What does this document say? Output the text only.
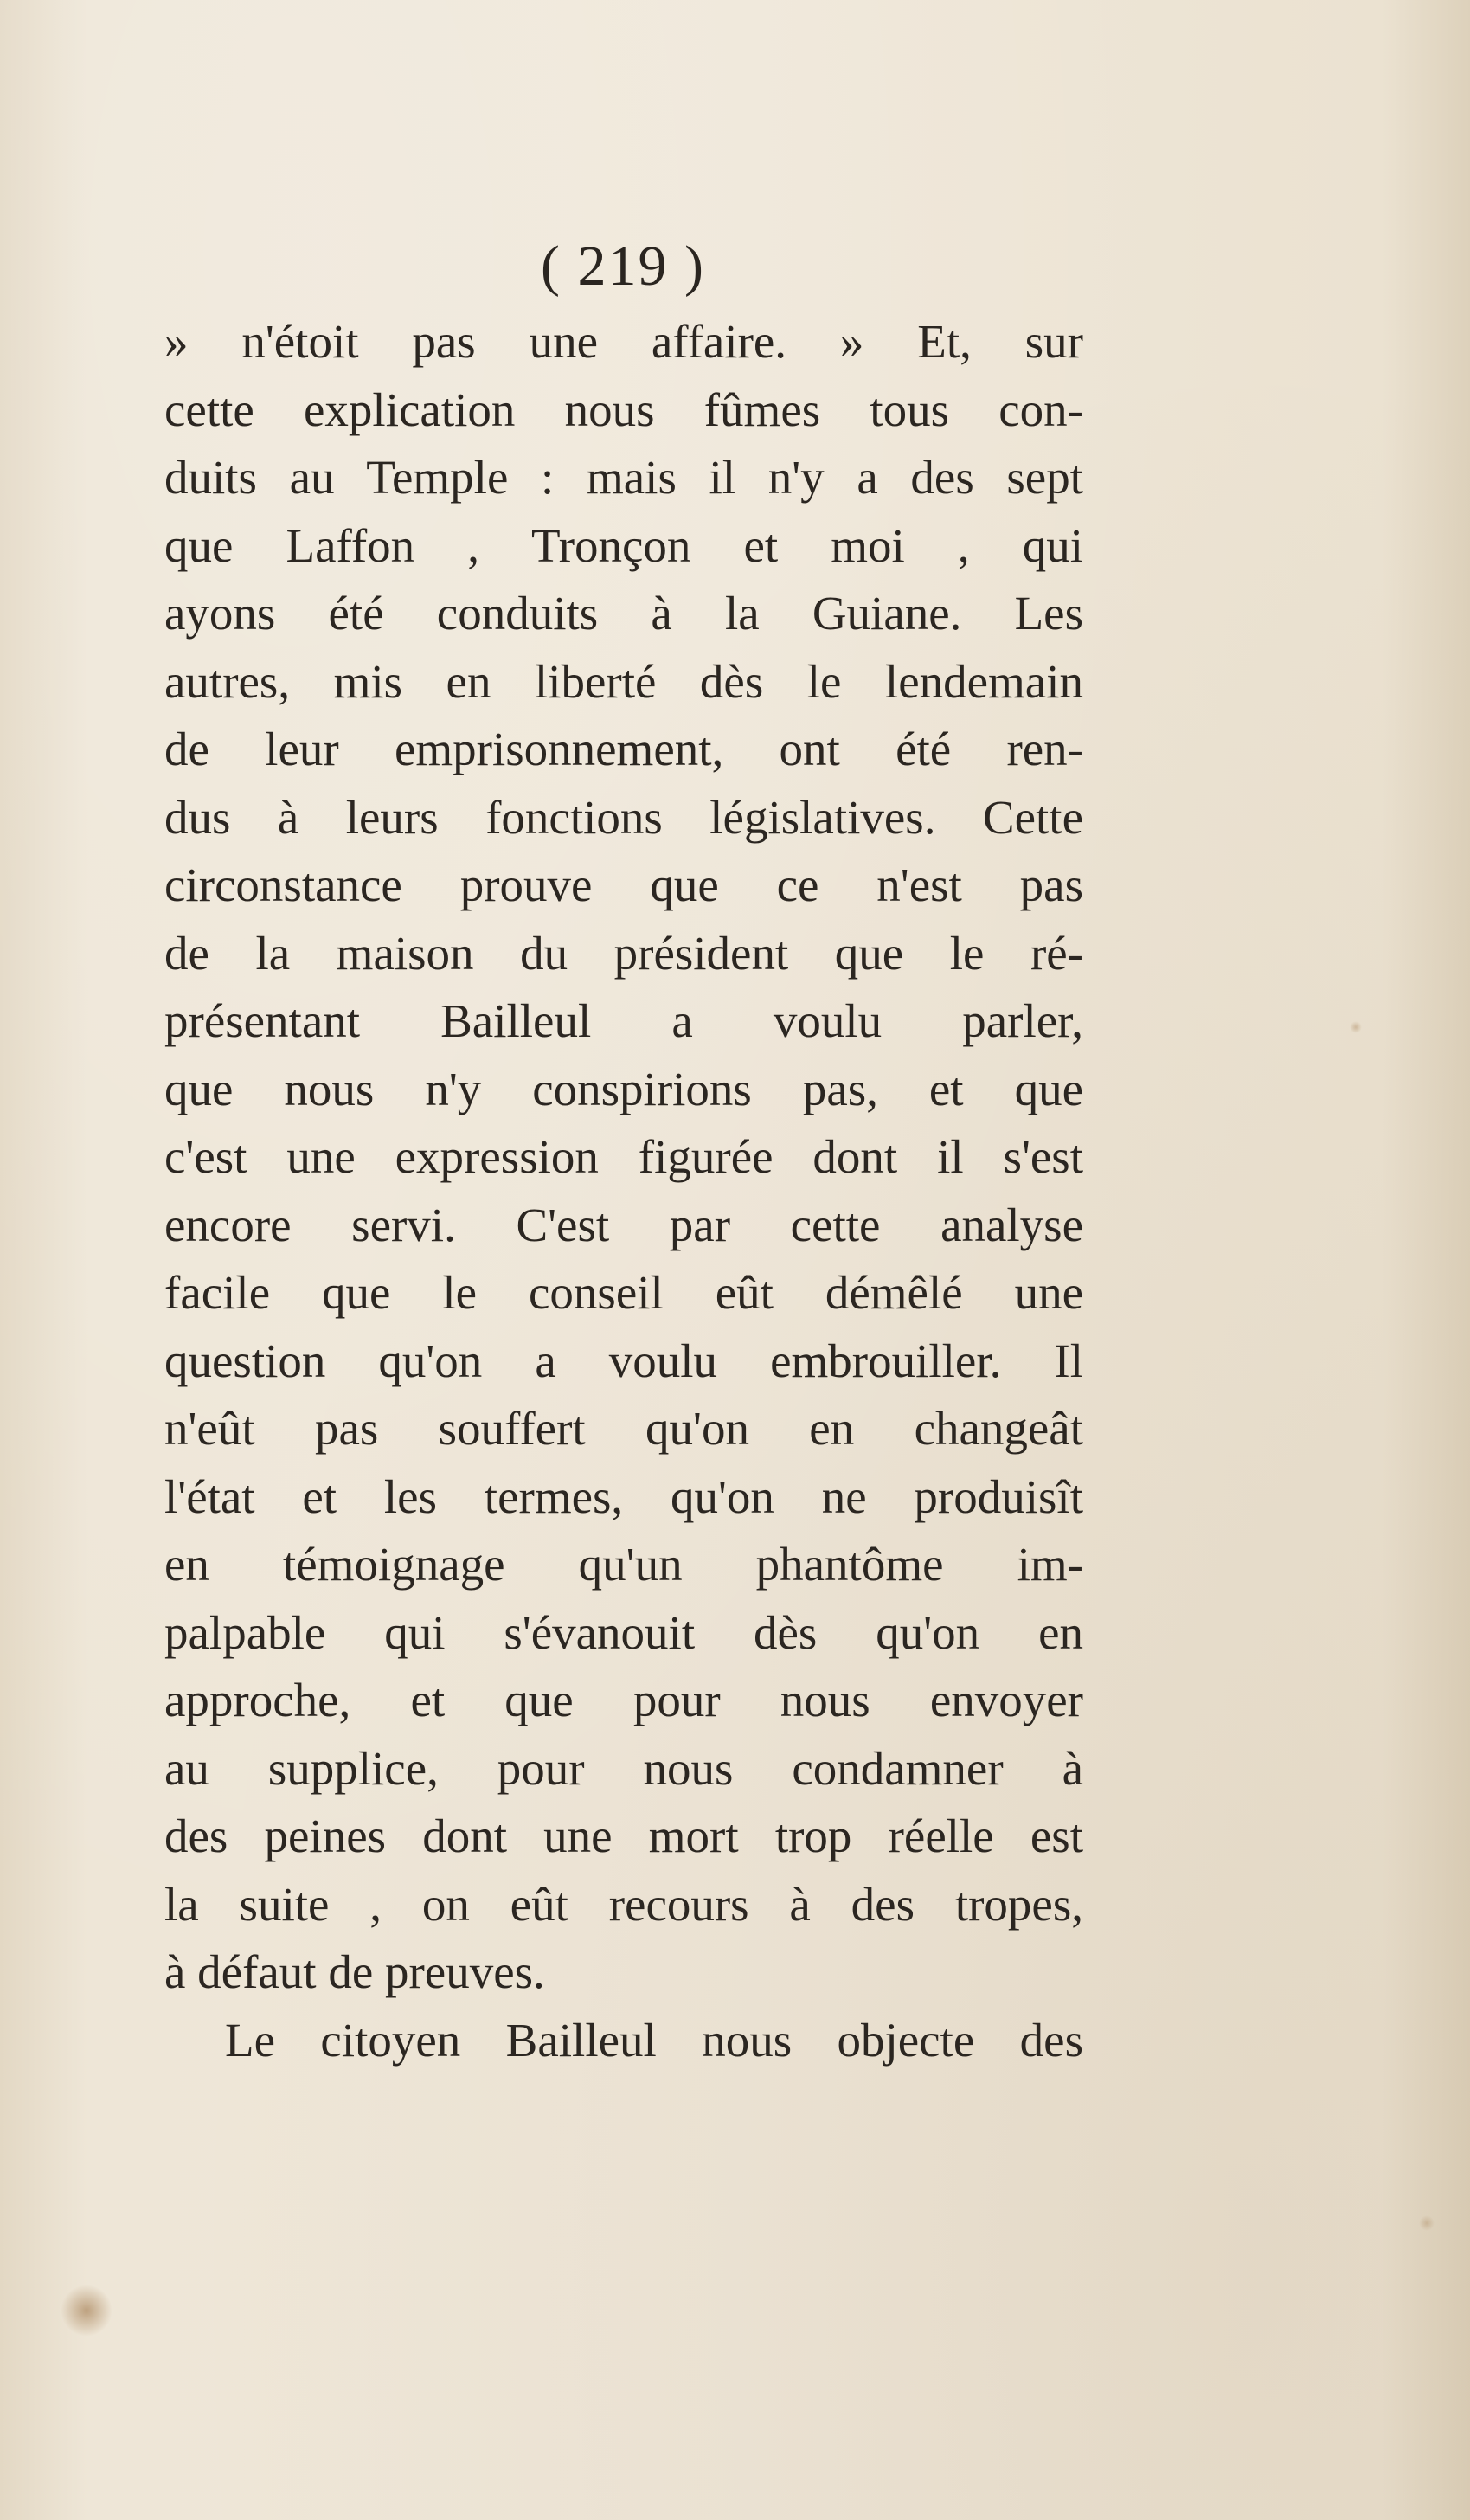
( 219 )
» n'étoit pas une affaire. » Et, sur
cette explication nous fûmes tous con-
duits au Temple : mais il n'y a des sept
que Laffon , Tronçon et moi , qui
ayons été conduits à la Guiane. Les
autres, mis en liberté dès le lendemain
de leur emprisonnement, ont été ren-
dus à leurs fonctions législatives. Cette
circonstance prouve que ce n'est pas
de la maison du président que le ré-
présentant Bailleul a voulu parler,
que nous n'y conspirions pas, et que
c'est une expression figurée dont il s'est
encore servi. C'est par cette analyse
facile que le conseil eût démêlé une
question qu'on a voulu embrouiller. Il
n'eût pas souffert qu'on en changeât
l'état et les termes, qu'on ne produisît
en témoignage qu'un phantôme im-
palpable qui s'évanouit dès qu'on en
approche, et que pour nous envoyer
au supplice, pour nous condamner à
des peines dont une mort trop réelle est
la suite , on eût recours à des tropes,
à défaut de preuves.
Le citoyen Bailleul nous objecte des
